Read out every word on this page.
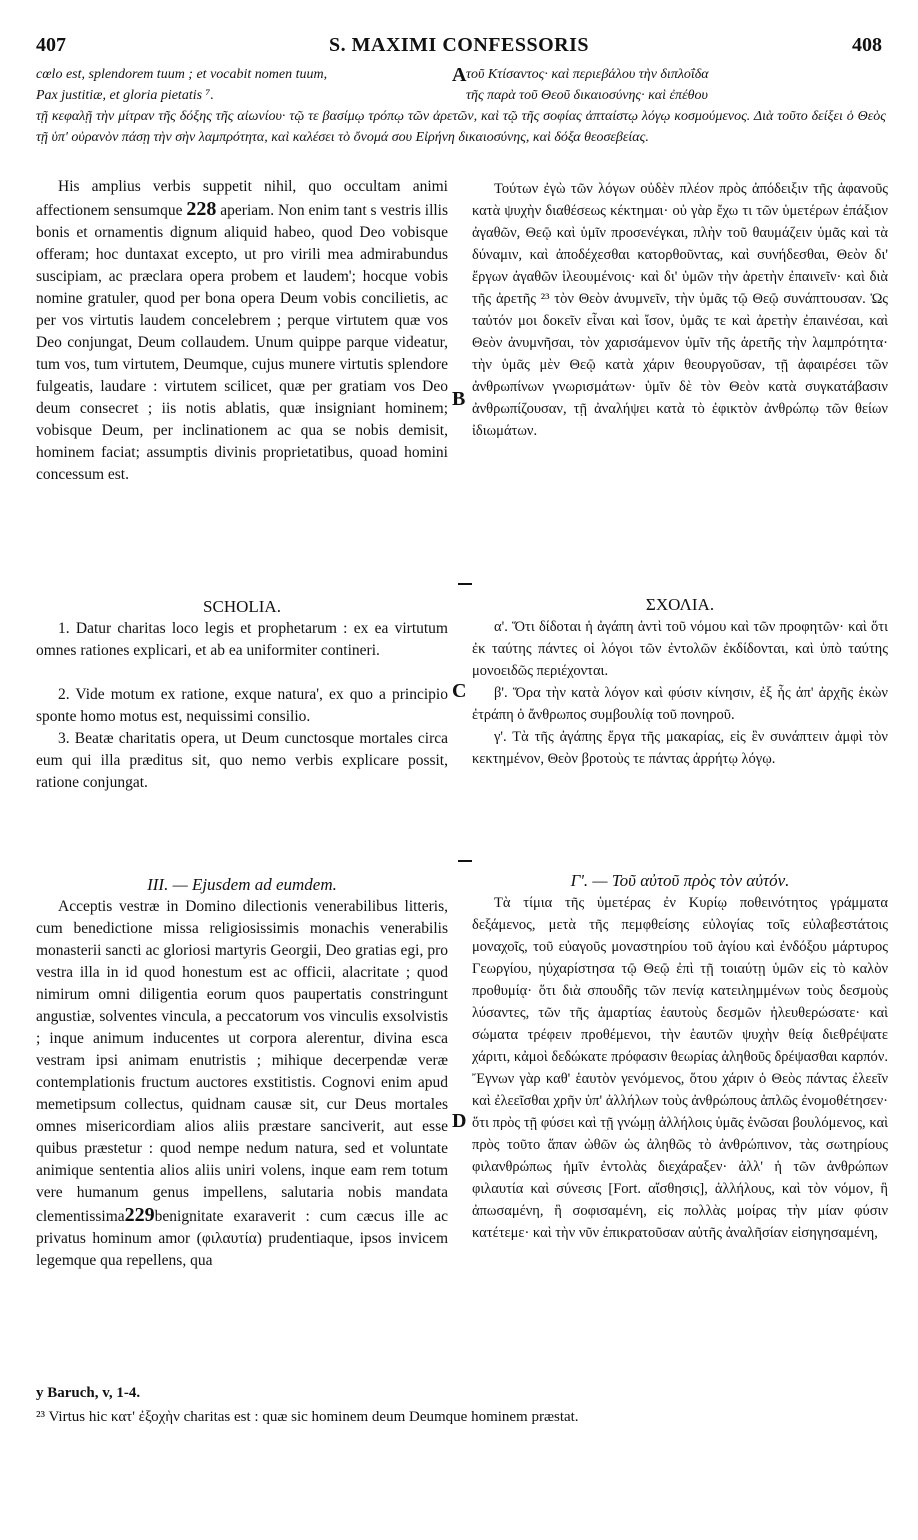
407	S. MAXIMI CONFESSORIS	408
cœlo est, splendorem tuum ; et vocabit nomen tuum,
Pax justitiæ, et gloria pietatis ⁷.
A τοῦ Κτίσαντος· καὶ περιεβάλου τὴν διπλοΐδα
τῆς παρὰ τοῦ Θεοῦ δικαιοσύνης· καὶ ἐπέθου
τῇ κεφαλῇ τὴν μίτραν τῆς δόξης τῆς αἰωνίου· τῷ τε βασίμῳ τρόπῳ τῶν ἀρετῶν, καὶ τῷ τῆς σοφίας ἀπταίστῳ λόγῳ κοσμούμενος. Διὰ τοῦτο δείξει ὁ Θεὸς τῇ ὑπ' οὐρανὸν πάσῃ τὴν σὴν λαμπρότητα, καὶ καλέσει τὸ ὄνομά σου Εἰρήνη δικαιοσύνης, καὶ δόξα θεοσεβείας.

His amplius verbis suppetit nihil, quo occultam animi affectionem sensumque 228 aperiam. Non enim tant s vestris illis bonis et ornamentis dignum aliquid habeo, quod Deo vobisque offeram; hoc duntaxat excepto, ut pro virili mea admirabundus suscipiam, ac præclara opera probem et laudem'; hocque vobis nomine gratuler, quod per bona opera Deum vobis concilietis, ac per vos virtutis laudem concelebrem ; perque virtutem quæ vos Deo conjungat, Deum collaudem. Unum quippe parque videatur, tum vos, tum virtutem, Deumque, cujus munere virtutis splendore fulgeatis, laudare : virtutem scilicet, quæ per gratiam vos Deo deum consecret ; iis notis ablatis, quæ insigniant hominem; vobisque Deum, per inclinationem ac qua se nobis demisit, hominem faciat; assumptis divinis proprietatibus, quoad homini concessum est.

SCHOLIA.

1. Datur charitas loco legis et prophetarum : ex ea virtutum omnes rationes explicari, et ab ea uniformiter contineri.

2. Vide motum ex ratione, exque natura', ex quo a principio sponte homo motus est, nequissimi consilio.

3. Beatæ charitatis opera, ut Deum cunctosque mortales circa eum qui illa præditus sit, quo nemo verbis explicare possit, ratione conjungat.

III. — Ejusdem ad eumdem.

Acceptis vestræ in Domino dilectionis venerabilibus litteris, cum benedictione missa religiosissimis monachis venerabilis monasterii sancti ac gloriosi martyris Georgii, Deo gratias egi, pro vestra illa in id quod honestum est ac officii, alacritate ; quod nimirum omni diligentia eorum quos paupertatis constringunt angustiæ, solventes vincula, a peccatorum vos vinculis exsolvistis ; inque animum inducentes ut corpora alerentur, divina esca vestram ipsi animam enutristis ; mihique decerpendæ veræ contemplationis fructum auctores exstitistis. Cognovi enim apud memetipsum collectus, quidnam causæ sit, cur Deus mortales omnes misericordiam alios aliis præstare sanciverit, aut esse quibus præstetur : quod nempe nedum natura, sed et voluntate animique sententia alios aliis uniri volens, inque eam rem totum vere humanum genus impellens, salutaria nobis mandata clementissima229benignitate exaraverit : cum cæcus ille ac privatus hominum amor (φιλαυτία) prudentiaque, ipsos invicem legemque qua repellens, qua

Τούτων ἐγὼ τῶν λόγων οὐδὲν πλέον πρὸς ἀπόδειξιν τῆς ἀφανοῦς κατὰ ψυχὴν διαθέσεως κέκτημαι· οὐ γὰρ ἔχω τι τῶν ὑμετέρων ἐπάξιον ἀγαθῶν, Θεῷ καὶ ὑμῖν προσενέγκαι, πλὴν τοῦ θαυμάζειν ὑμᾶς καὶ τὰ δύναμιν, καὶ ἀποδέχεσθαι κατορθοῦντας, καὶ συνήδεσθαι, Θεὸν δι' ἔργων ἀγαθῶν ἱλεουμένοις· καὶ δι' ὑμῶν τὴν ἀρετὴν ἐπαινεῖν· καὶ διὰ τῆς ἀρετῆς ²³ τὸν Θεὸν ἀνυμνεῖν, τὴν ὑμᾶς τῷ Θεῷ συνάπτουσαν. Ὡς ταὐτόν μοι δοκεῖν εἶναι καὶ ἴσον, ὑμᾶς τε καὶ ἀρετὴν ἐπαινέσαι, καὶ Θεὸν ἀνυμνῆσαι, τὸν χαρισάμενον ὑμῖν τῆς ἀρετῆς τὴν λαμπρότητα· τὴν ὑμᾶς μὲν Θεῷ κατὰ χάριν θεουργοῦσαν, τῇ ἀφαιρέσει τῶν ἀνθρωπίνων γνωρισμάτων· ὑμῖν δὲ τὸν Θεὸν κατὰ συγκατάβασιν ἀνθρωπίζουσαν, τῇ ἀναλήψει κατὰ τὸ ἐφικτὸν ἀνθρώπῳ τῶν θείων ἰδιωμάτων.

B

ΣΧΟΛΙΑ.

α'. Ὅτι δίδοται ἡ ἀγάπη ἀντὶ τοῦ νόμου καὶ τῶν προφητῶν· καὶ ὅτι ἐκ ταύτης πάντες οἱ λόγοι τῶν ἐντολῶν ἐκδίδονται, καὶ ὑπὸ ταύτης μονοειδῶς περιέχονται.

β'. Ὅρα τὴν κατὰ λόγον καὶ φύσιν κίνησιν, ἐξ ἧς ἀπ' ἀρχῆς ἑκὼν ἐτράπη ὁ ἄνθρωπος συμβουλίᾳ τοῦ πονηροῦ.

γ'. Τὰ τῆς ἀγάπης ἔργα τῆς μακαρίας, εἰς ἓν συνάπτειν ἀμφὶ τὸν κεκτημένον, Θεὸν βροτοὺς τε πάντας ἀρρήτῳ λόγῳ.

C

Γ'. — Τοῦ αὐτοῦ πρὸς τὸν αὐτόν.

Τὰ τίμια τῆς ὑμετέρας ἐν Κυρίῳ ποθεινότητος γράμματα δεξάμενος, μετὰ τῆς πεμφθείσης εὐλογίας τοῖς εὐλαβεστάτοις μοναχοῖς, τοῦ εὐαγοῦς μοναστηρίου τοῦ ἁγίου καὶ ἐνδόξου μάρτυρος Γεωργίου, ηὐχαρίστησα τῷ Θεῷ ἐπὶ τῇ τοιαύτῃ ὑμῶν εἰς τὸ καλὸν προθυμίᾳ· ὅτι διὰ σπουδῆς τῶν πενίᾳ κατειλημμένων τοὺς δεσμοὺς λύσαντες, τῶν τῆς ἁμαρτίας ἑαυτοὺς δεσμῶν ἠλευθερώσατε· καὶ σώματα τρέφειν προθέμενοι, τὴν ἑαυτῶν ψυχὴν θείᾳ διεθρέψατε χάριτι, κἀμοὶ δεδώκατε πρόφασιν θεωρίας ἀληθοῦς δρέψασθαι καρπόν. Ἔγνων γὰρ καθ' ἑαυτὸν γενόμενος, ὅτου χάριν ὁ Θεὸς πάντας ἐλεεῖν καὶ ἐλεεῖσθαι χρῆν ὑπ' ἀλλήλων τοὺς ἀνθρώπους ἁπλῶς ἐνομοθέτησεν· ὅτι πρὸς τῇ φύσει καὶ τῇ γνώμῃ ἀλλήλοις ὑμᾶς ἑνῶσαι βουλόμενος, καὶ πρὸς τοῦτο ἅπαν ὠθῶν ὡς ἀληθῶς τὸ ἀνθρώπινον, τὰς σωτηρίους φιλανθρώπως ἡμῖν ἐντολὰς διεχάραξεν· ἀλλ' ἡ τῶν ἀνθρώπων φιλαυτία καὶ σύνεσις [Fort. αἴσθησις], ἀλλήλους, καὶ τὸν νόμον, ἣ ἀπωσαμένη, ἣ σοφισαμένη, εἰς πολλὰς μοίρας τὴν μίαν φύσιν κατέτεμε· καὶ τὴν νῦν ἐπικρατοῦσαν αὐτῆς ἀναλῆσίαν εἰσηγησαμένη,

D
y Baruch, v, 1-4.
²³ Virtus hic κατ' ἐξοχὴν charitas est : quæ sic hominem deum Deumque hominem præstat.
